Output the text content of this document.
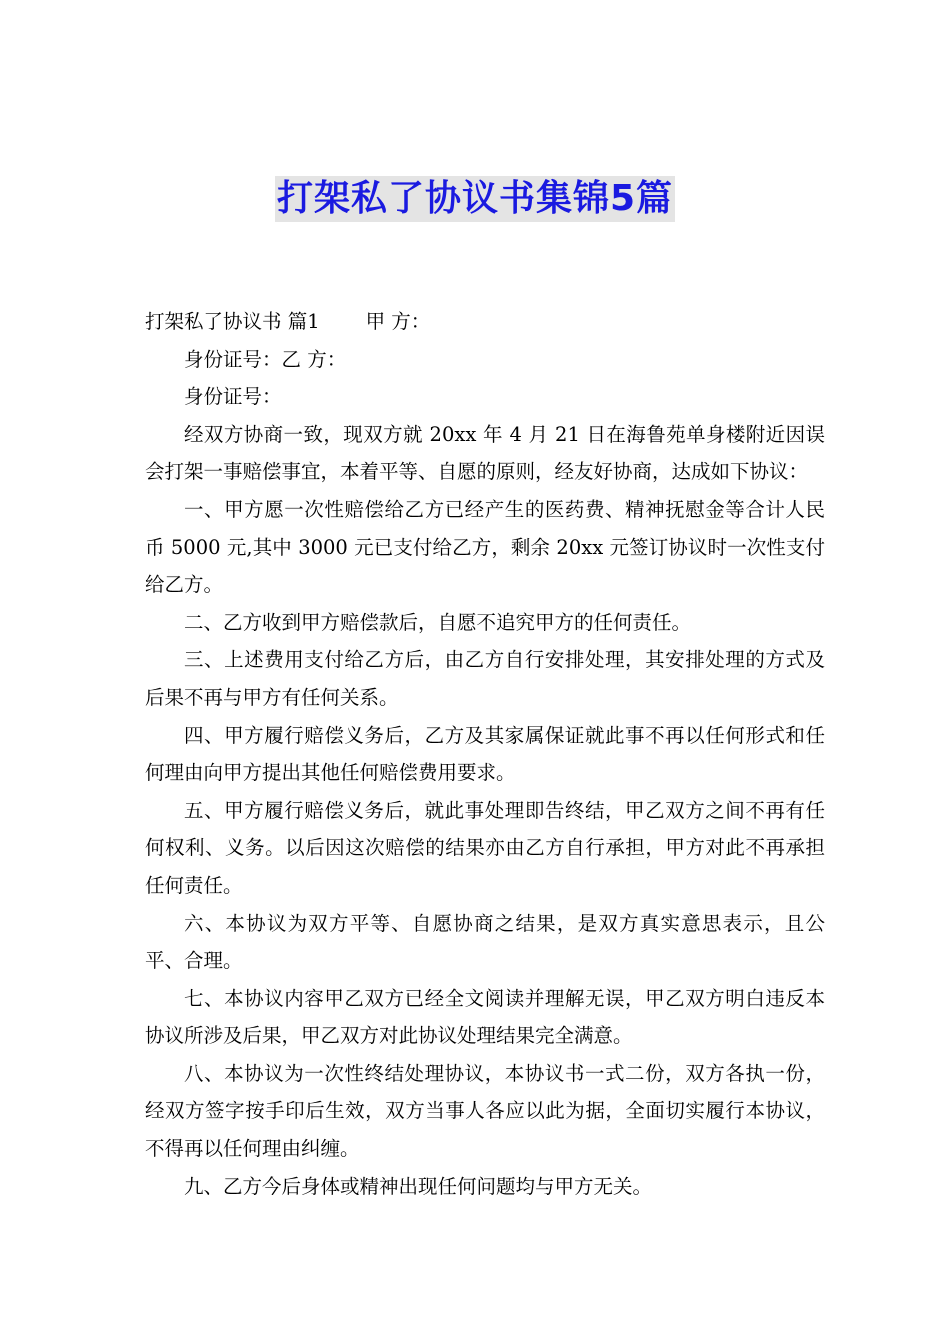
打架私了协议书集锦5篇

打架私了协议书 篇1 甲 方：

身份证号：乙 方：

身份证号：

经双方协商一致，现双方就 20xx 年 4 月 21 日在海鲁苑单身楼附近因误会打架一事赔偿事宜，本着平等、自愿的原则，经友好协商，达成如下协议：

一、甲方愿一次性赔偿给乙方已经产生的医药费、精神抚慰金等合计人民币 5000 元,其中 3000 元已支付给乙方，剩余 20xx 元签订协议时一次性支付给乙方。

二、乙方收到甲方赔偿款后，自愿不追究甲方的任何责任。

三、上述费用支付给乙方后，由乙方自行安排处理，其安排处理的方式及后果不再与甲方有任何关系。

四、甲方履行赔偿义务后，乙方及其家属保证就此事不再以任何形式和任何理由向甲方提出其他任何赔偿费用要求。

五、甲方履行赔偿义务后，就此事处理即告终结，甲乙双方之间不再有任何权利、义务。以后因这次赔偿的结果亦由乙方自行承担，甲方对此不再承担任何责任。

六、本协议为双方平等、自愿协商之结果，是双方真实意思表示，且公平、合理。

七、本协议内容甲乙双方已经全文阅读并理解无误，甲乙双方明白违反本协议所涉及后果，甲乙双方对此协议处理结果完全满意。

八、本协议为一次性终结处理协议，本协议书一式二份，双方各执一份，经双方签字按手印后生效，双方当事人各应以此为据，全面切实履行本协议，不得再以任何理由纠缠。

九、乙方今后身体或精神出现任何问题均与甲方无关。
